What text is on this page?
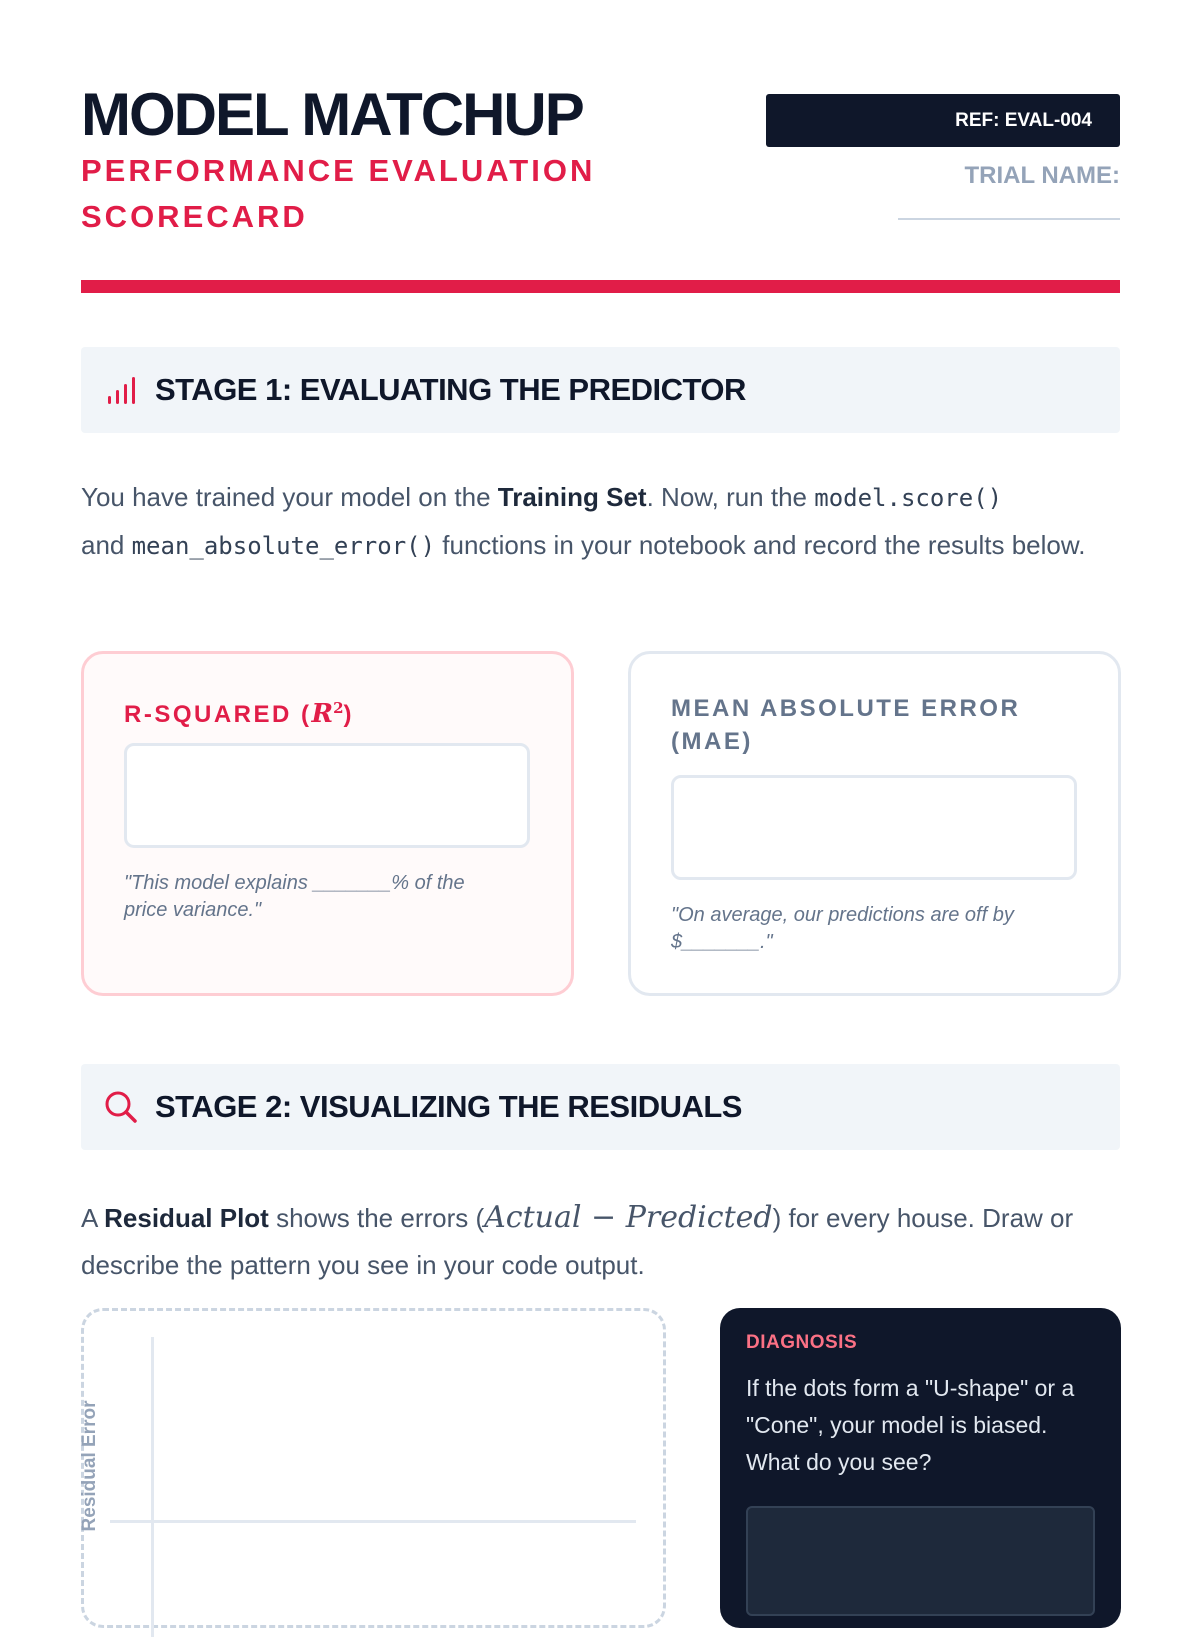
MODEL MATCHUP

PERFORMANCE EVALUATION SCORECARD

REF: EVAL-004
TRIAL NAME:
STAGE 1: EVALUATING THE PREDICTOR

You have trained your model on the Training Set. Now, run the model.score()
and mean_absolute_error() functions in your notebook and record the results below.

R-SQUARED $(R^2)$

"This model explains _______% of the price variance."

MEAN ABSOLUTE ERROR (MAE)

"On average, our predictions are off by $_______."

STAGE 2: VISUALIZING THE RESIDUALS

A Residual Plot shows the errors (Actual − Predicted) for every house. Draw or describe the pattern you see in your code output.

Residual Error

DIAGNOSIS

If the dots form a "U-shape" or a "Cone", your model is biased. What do you see?
